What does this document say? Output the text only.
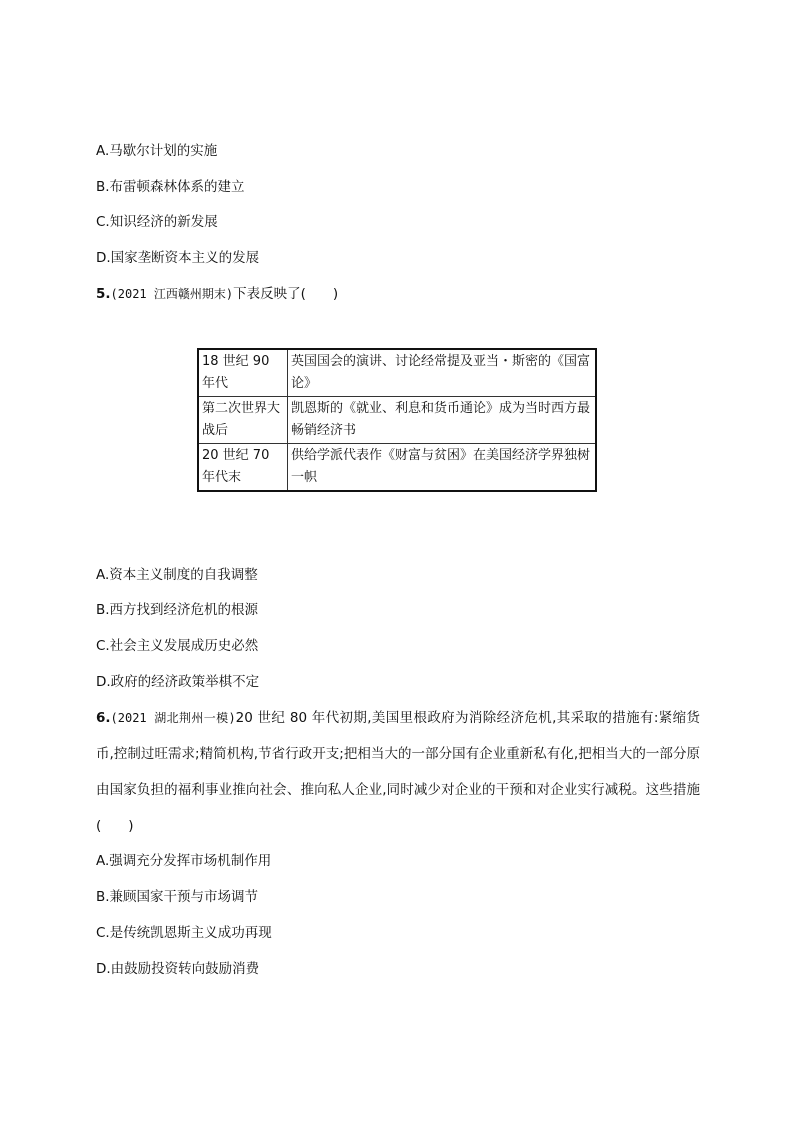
A.马歇尔计划的实施
B.布雷顿森林体系的建立
C.知识经济的新发展
D.国家垄断资本主义的发展
5.(2021 江西赣州期末)下表反映了(　　)
18 世纪 90 年代	英国国会的演讲、讨论经常提及亚当・斯密的《国富论》
第二次世界大战后	凯恩斯的《就业、利息和货币通论》成为当时西方最畅销经济书
20 世纪 70 年代末	供给学派代表作《财富与贫困》在美国经济学界独树一帜
A.资本主义制度的自我调整
B.西方找到经济危机的根源
C.社会主义发展成历史必然
D.政府的经济政策举棋不定
6.(2021 湖北荆州一模)20 世纪 80 年代初期,美国里根政府为消除经济危机,其采取的措施有:紧缩货币,控制过旺需求;精简机构,节省行政开支;把相当大的一部分国有企业重新私有化,把相当大的一部分原由国家负担的福利事业推向社会、推向私人企业,同时减少对企业的干预和对企业实行减税。这些措施(　　)
A.强调充分发挥市场机制作用
B.兼顾国家干预与市场调节
C.是传统凯恩斯主义成功再现
D.由鼓励投资转向鼓励消费
